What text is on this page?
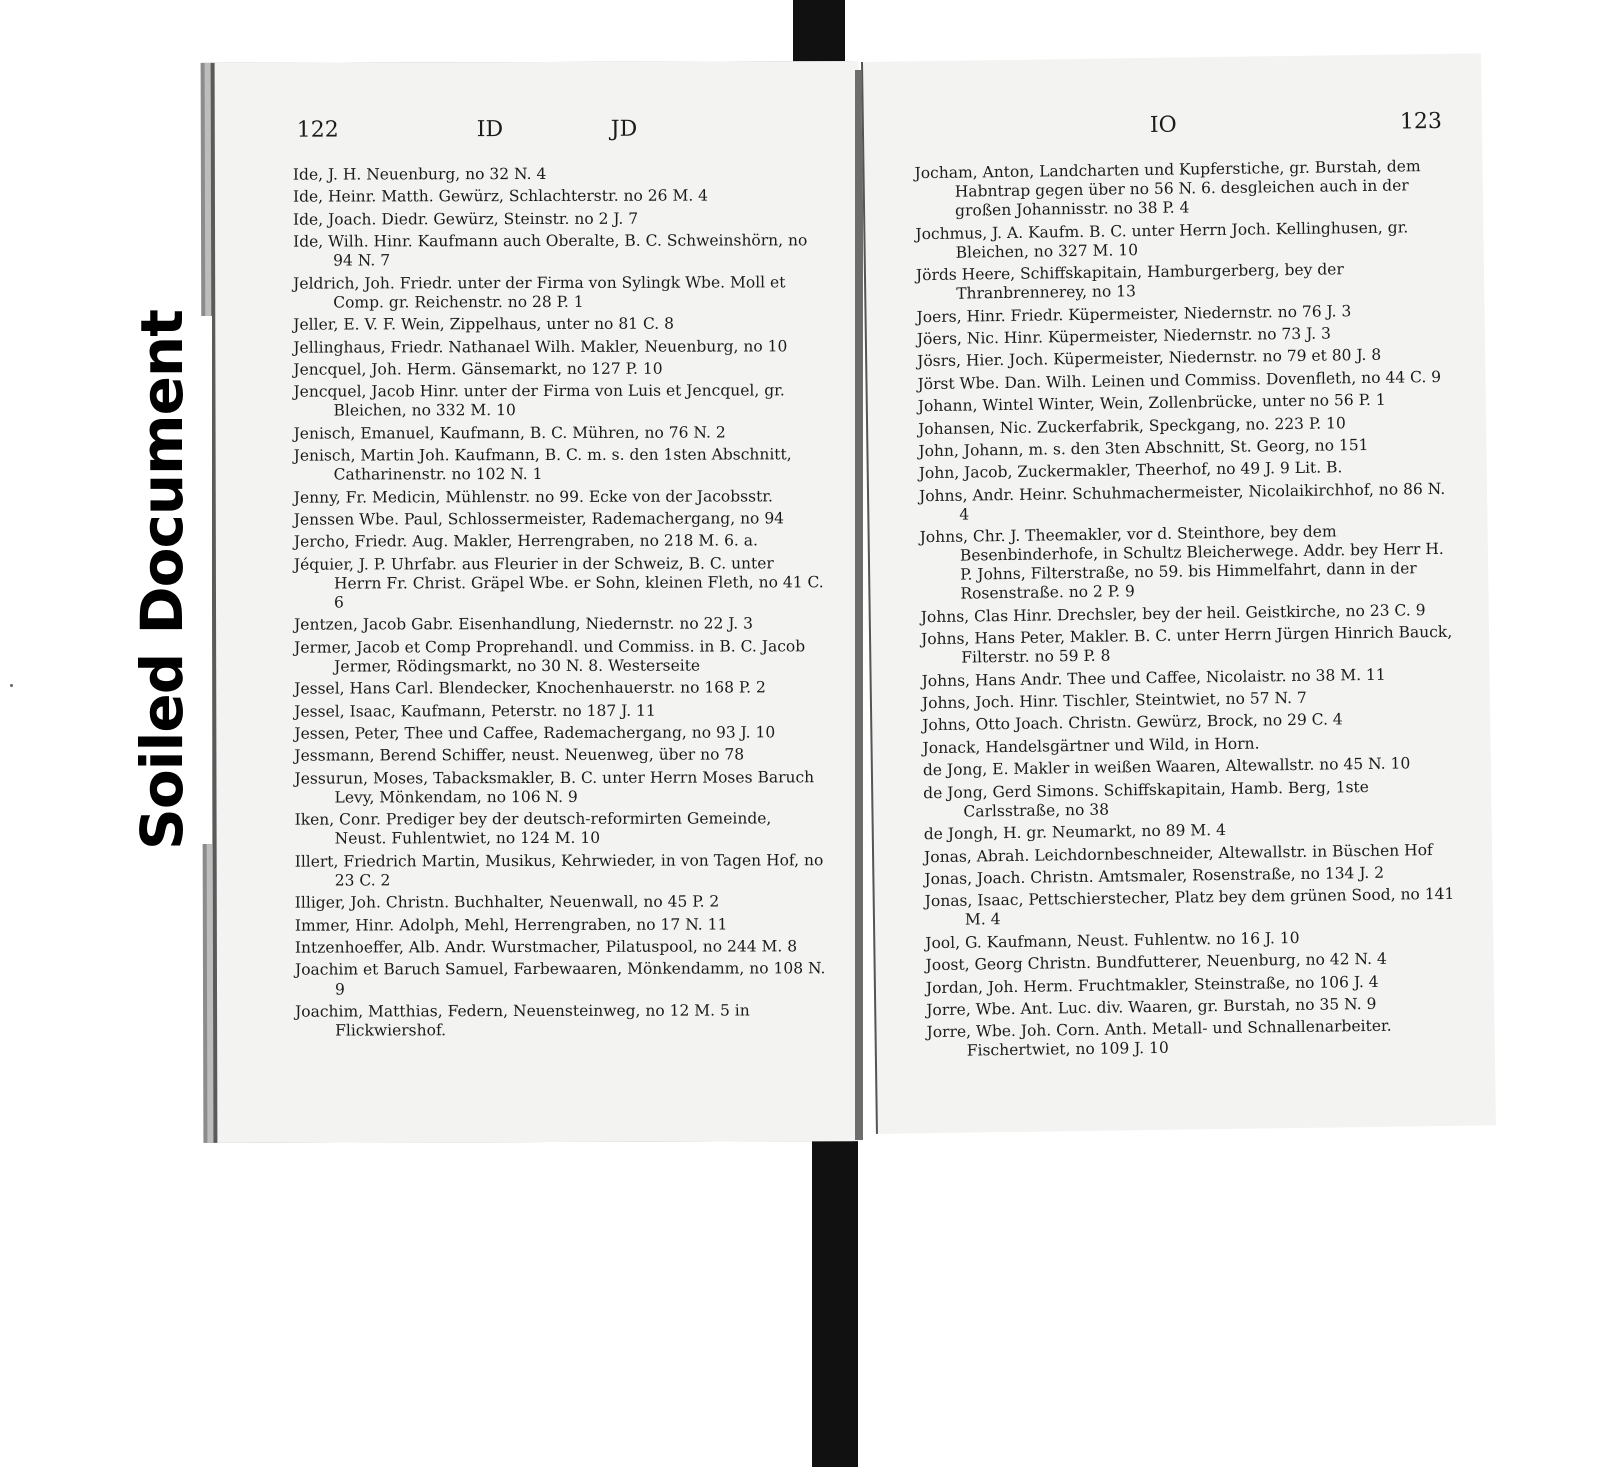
122	ID	JD
Ide, J. H. Neuenburg, no 32 N. 4
Ide, Heinr. Matth. Gewürz, Schlachterstr. no 26 M. 4
Ide, Joach. Diedr. Gewürz, Steinstr. no 2 J. 7
Ide, Wilh. Hinr. Kaufmann auch Oberalte, B. C. Schweinshörn, no 94 N. 7
Jeldrich, Joh. Friedr. unter der Firma von Sylingk Wbe. Moll et Comp. gr. Reichenstr. no 28 P. 1
Jeller, E. V. F. Wein, Zippelhaus, unter no 81 C. 8
Jellinghaus, Friedr. Nathanael Wilh. Makler, Neuenburg, no 10
Jencquel, Joh. Herm. Gänsemarkt, no 127 P. 10
Jencquel, Jacob Hinr. unter der Firma von Luis et Jencquel, gr. Bleichen, no 332 M. 10
Jenisch, Emanuel, Kaufmann, B. C. Mühren, no 76 N. 2
Jenisch, Martin Joh. Kaufmann, B. C. m. s. den 1sten Abschnitt, Catharinenstr. no 102 N. 1
Jenny, Fr. Medicin, Mühlenstr. no 99. Ecke von der Jacobsstr.
Jenssen Wbe. Paul, Schlossermeister, Rademachergang, no 94
Jercho, Friedr. Aug. Makler, Herrengraben, no 218 M. 6. a.
Jéquier, J. P. Uhrfabr. aus Fleurier in der Schweiz, B. C. unter Herrn Fr. Christ. Gräpel Wbe. er Sohn, kleinen Fleth, no 41 C. 6
Jentzen, Jacob Gabr. Eisenhandlung, Niedernstr. no 22 J. 3
Jermer, Jacob et Comp Proprehandl. und Commiss. in B. C. Jacob Jermer, Rödingsmarkt, no 30 N. 8. Westerseite
Jessel, Hans Carl. Blendecker, Knochenhauerstr. no 168 P. 2
Jessel, Isaac, Kaufmann, Peterstr. no 187 J. 11
Jessen, Peter, Thee und Caffee, Rademachergang, no 93 J. 10
Jessmann, Berend Schiffer, neust. Neuenweg, über no 78
Jessurun, Moses, Tabacksmakler, B. C. unter Herrn Moses Baruch Levy, Mönkendam, no 106 N. 9
Iken, Conr. Prediger bey der deutsch-reformirten Gemeinde, Neust. Fuhlentwiet, no 124 M. 10
Illert, Friedrich Martin, Musikus, Kehrwieder, in von Tagen Hof, no 23 C. 2
Illiger, Joh. Christn. Buchhalter, Neuenwall, no 45 P. 2
Immer, Hinr. Adolph, Mehl, Herrengraben, no 17 N. 11
Intzenhoeffer, Alb. Andr. Wurstmacher, Pilatuspool, no 244 M. 8
Joachim et Baruch Samuel, Farbewaaren, Mönkendamm, no 108 N. 9
Joachim, Matthias, Federn, Neuensteinweg, no 12 M. 5 in Flickwiershof.
IO	123
Jocham, Anton, Landcharten und Kupferstiche, gr. Burstah, dem Habntrap gegen über no 56 N. 6. desgleichen auch in der großen Johannisstr. no 38 P. 4
Jochmus, J. A. Kaufm. B. C. unter Herrn Joch. Kellinghusen, gr. Bleichen, no 327 M. 10
Jörds Heere, Schiffskapitain, Hamburgerberg, bey der Thranbrennerey, no 13
Joers, Hinr. Friedr. Küpermeister, Niedernstr. no 76 J. 3
Jöers, Nic. Hinr. Küpermeister, Niedernstr. no 73 J. 3
Jösrs, Hier. Joch. Küpermeister, Niedernstr. no 79 et 80 J. 8
Jörst Wbe. Dan. Wilh. Leinen und Commiss. Dovenfleth, no 44 C. 9
Johann, Wintel Winter, Wein, Zollenbrücke, unter no 56 P. 1
Johansen, Nic. Zuckerfabrik, Speckgang, no. 223 P. 10
John, Johann, m. s. den 3ten Abschnitt, St. Georg, no 151
John, Jacob, Zuckermakler, Theerhof, no 49 J. 9 Lit. B.
Johns, Andr. Heinr. Schuhmachermeister, Nicolaikirchhof, no 86 N. 4
Johns, Chr. J. Theemakler, vor d. Steinthore, bey dem Besenbinderhofe, in Schultz Bleicherwege. Addr. bey Herr H. P. Johns, Filterstraße, no 59. bis Himmelfahrt, dann in der Rosenstraße. no 2 P. 9
Johns, Clas Hinr. Drechsler, bey der heil. Geistkirche, no 23 C. 9
Johns, Hans Peter, Makler. B. C. unter Herrn Jürgen Hinrich Bauck, Filterstr. no 59 P. 8
Johns, Hans Andr. Thee und Caffee, Nicolaistr. no 38 M. 11
Johns, Joch. Hinr. Tischler, Steintwiet, no 57 N. 7
Johns, Otto Joach. Christn. Gewürz, Brock, no 29 C. 4
Jonack, Handelsgärtner und Wild, in Horn.
de Jong, E. Makler in weißen Waaren, Altewallstr. no 45 N. 10
de Jong, Gerd Simons. Schiffskapitain, Hamb. Berg, 1ste Carlsstraße, no 38
de Jongh, H. gr. Neumarkt, no 89 M. 4
Jonas, Abrah. Leichdornbeschneider, Altewallstr. in Büschen Hof
Jonas, Joach. Christn. Amtsmaler, Rosenstraße, no 134 J. 2
Jonas, Isaac, Pettschierstecher, Platz bey dem grünen Sood, no 141 M. 4
Jool, G. Kaufmann, Neust. Fuhlentw. no 16 J. 10
Joost, Georg Christn. Bundfutterer, Neuenburg, no 42 N. 4
Jordan, Joh. Herm. Fruchtmakler, Steinstraße, no 106 J. 4
Jorre, Wbe. Ant. Luc. div. Waaren, gr. Burstah, no 35 N. 9
Jorre, Wbe. Joh. Corn. Anth. Metall- und Schnallenarbeiter. Fischertwiet, no 109 J. 10
Soiled Document
